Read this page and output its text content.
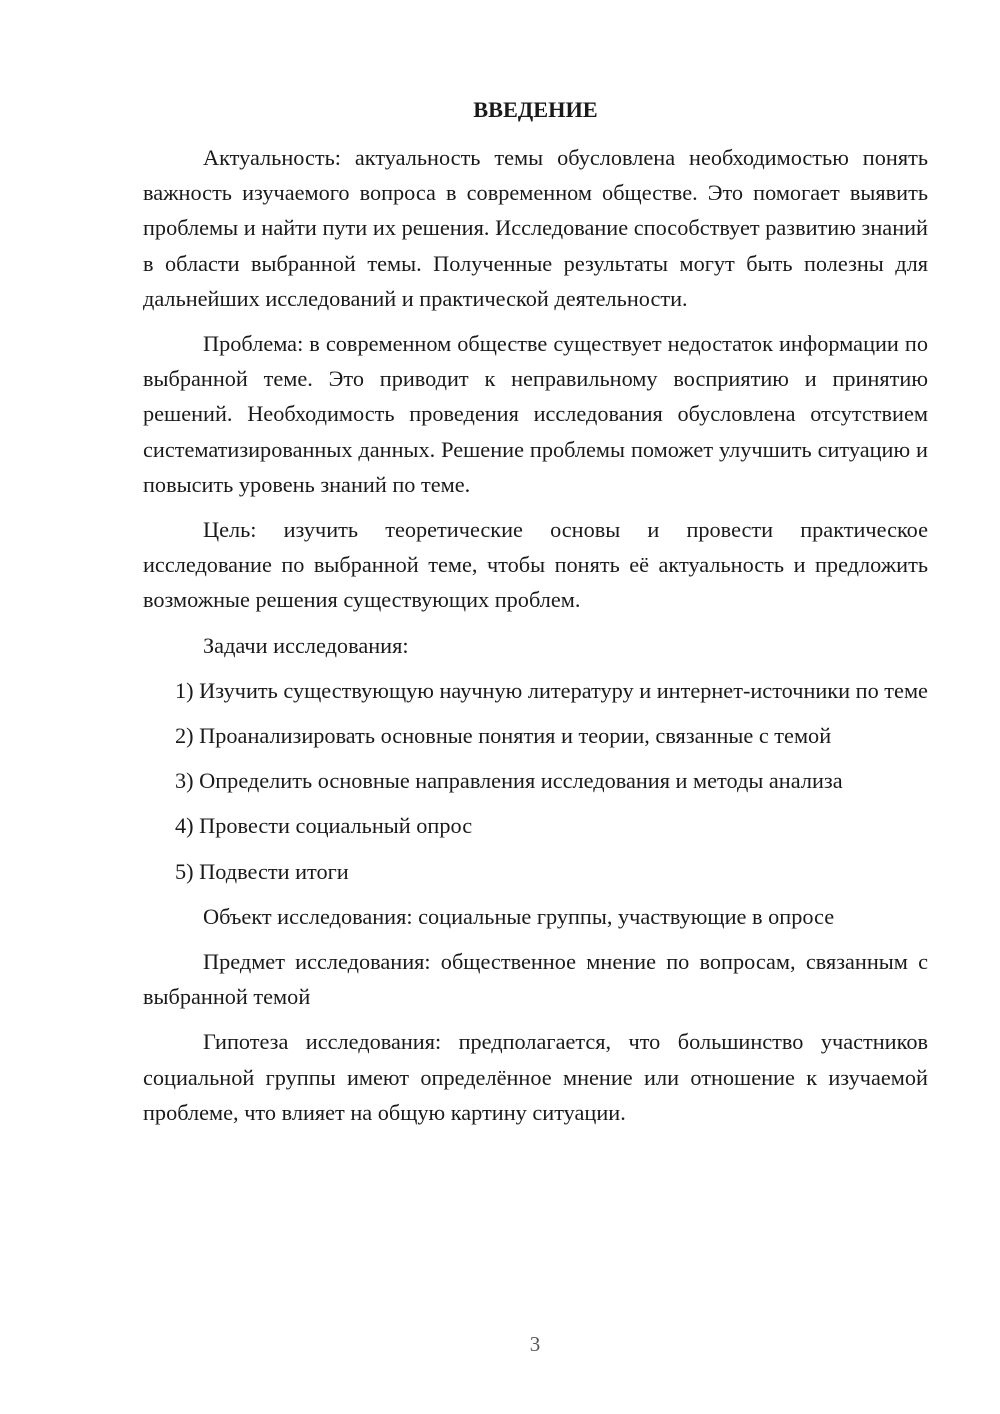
ВВЕДЕНИЕ

Актуальность: актуальность темы обусловлена необходимостью понять важность изучаемого вопроса в современном обществе. Это помогает выявить проблемы и найти пути их решения. Исследование способствует развитию знаний в области выбранной темы. Полученные результаты могут быть полезны для дальнейших исследований и практической деятельности.

Проблема: в современном обществе существует недостаток информации по выбранной теме. Это приводит к неправильному восприятию и принятию решений. Необходимость проведения исследования обусловлена отсутствием систематизированных данных. Решение проблемы поможет улучшить ситуацию и повысить уровень знаний по теме.

Цель: изучить теоретические основы и провести практическое исследование по выбранной теме, чтобы понять её актуальность и предложить возможные решения существующих проблем.

Задачи исследования:

1) Изучить существующую научную литературу и интернет-источники по теме

2) Проанализировать основные понятия и теории, связанные с темой

3) Определить основные направления исследования и методы анализа

4) Провести социальный опрос

5) Подвести итоги

Объект исследования: социальные группы, участвующие в опросе

Предмет исследования: общественное мнение по вопросам, связанным с выбранной темой

Гипотеза исследования: предполагается, что большинство участников социальной группы имеют определённое мнение или отношение к изучаемой проблеме, что влияет на общую картину ситуации.

3
